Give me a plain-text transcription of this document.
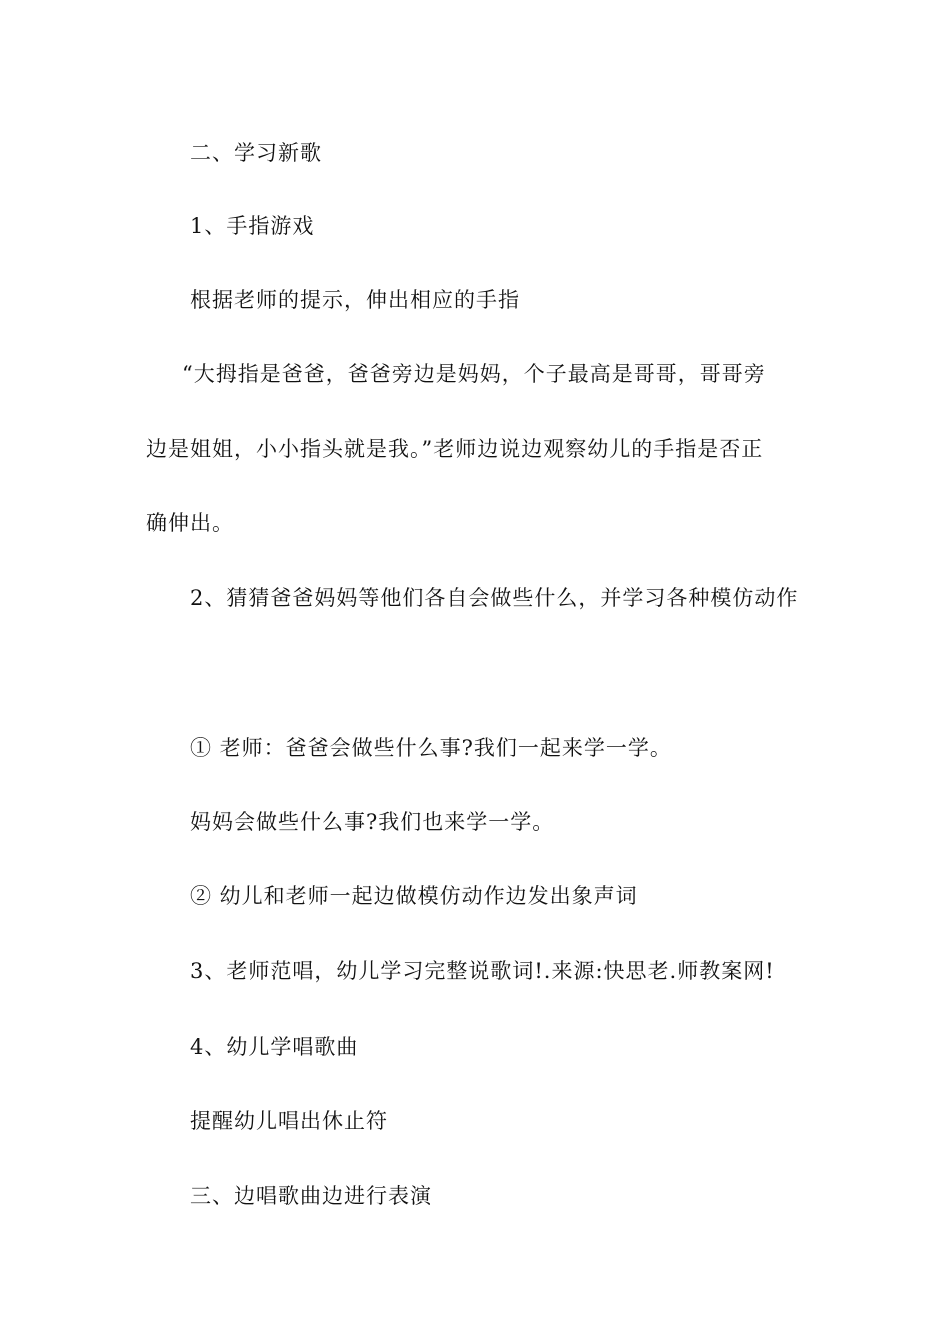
二、学习新歌
1、手指游戏
根据老师的提示，伸出相应的手指
“大拇指是爸爸，爸爸旁边是妈妈，个子最高是哥哥，哥哥旁
边是姐姐，小小指头就是我。”老师边说边观察幼儿的手指是否正
确伸出。
2、猜猜爸爸妈妈等他们各自会做些什么，并学习各种模仿动作
① 老师：爸爸会做些什么事?我们一起来学一学。
妈妈会做些什么事?我们也来学一学。
② 幼儿和老师一起边做模仿动作边发出象声词
3、老师范唱，幼儿学习完整说歌词!.来源:快思老.师教案网!
4、幼儿学唱歌曲
提醒幼儿唱出休止符
三、边唱歌曲边进行表演
